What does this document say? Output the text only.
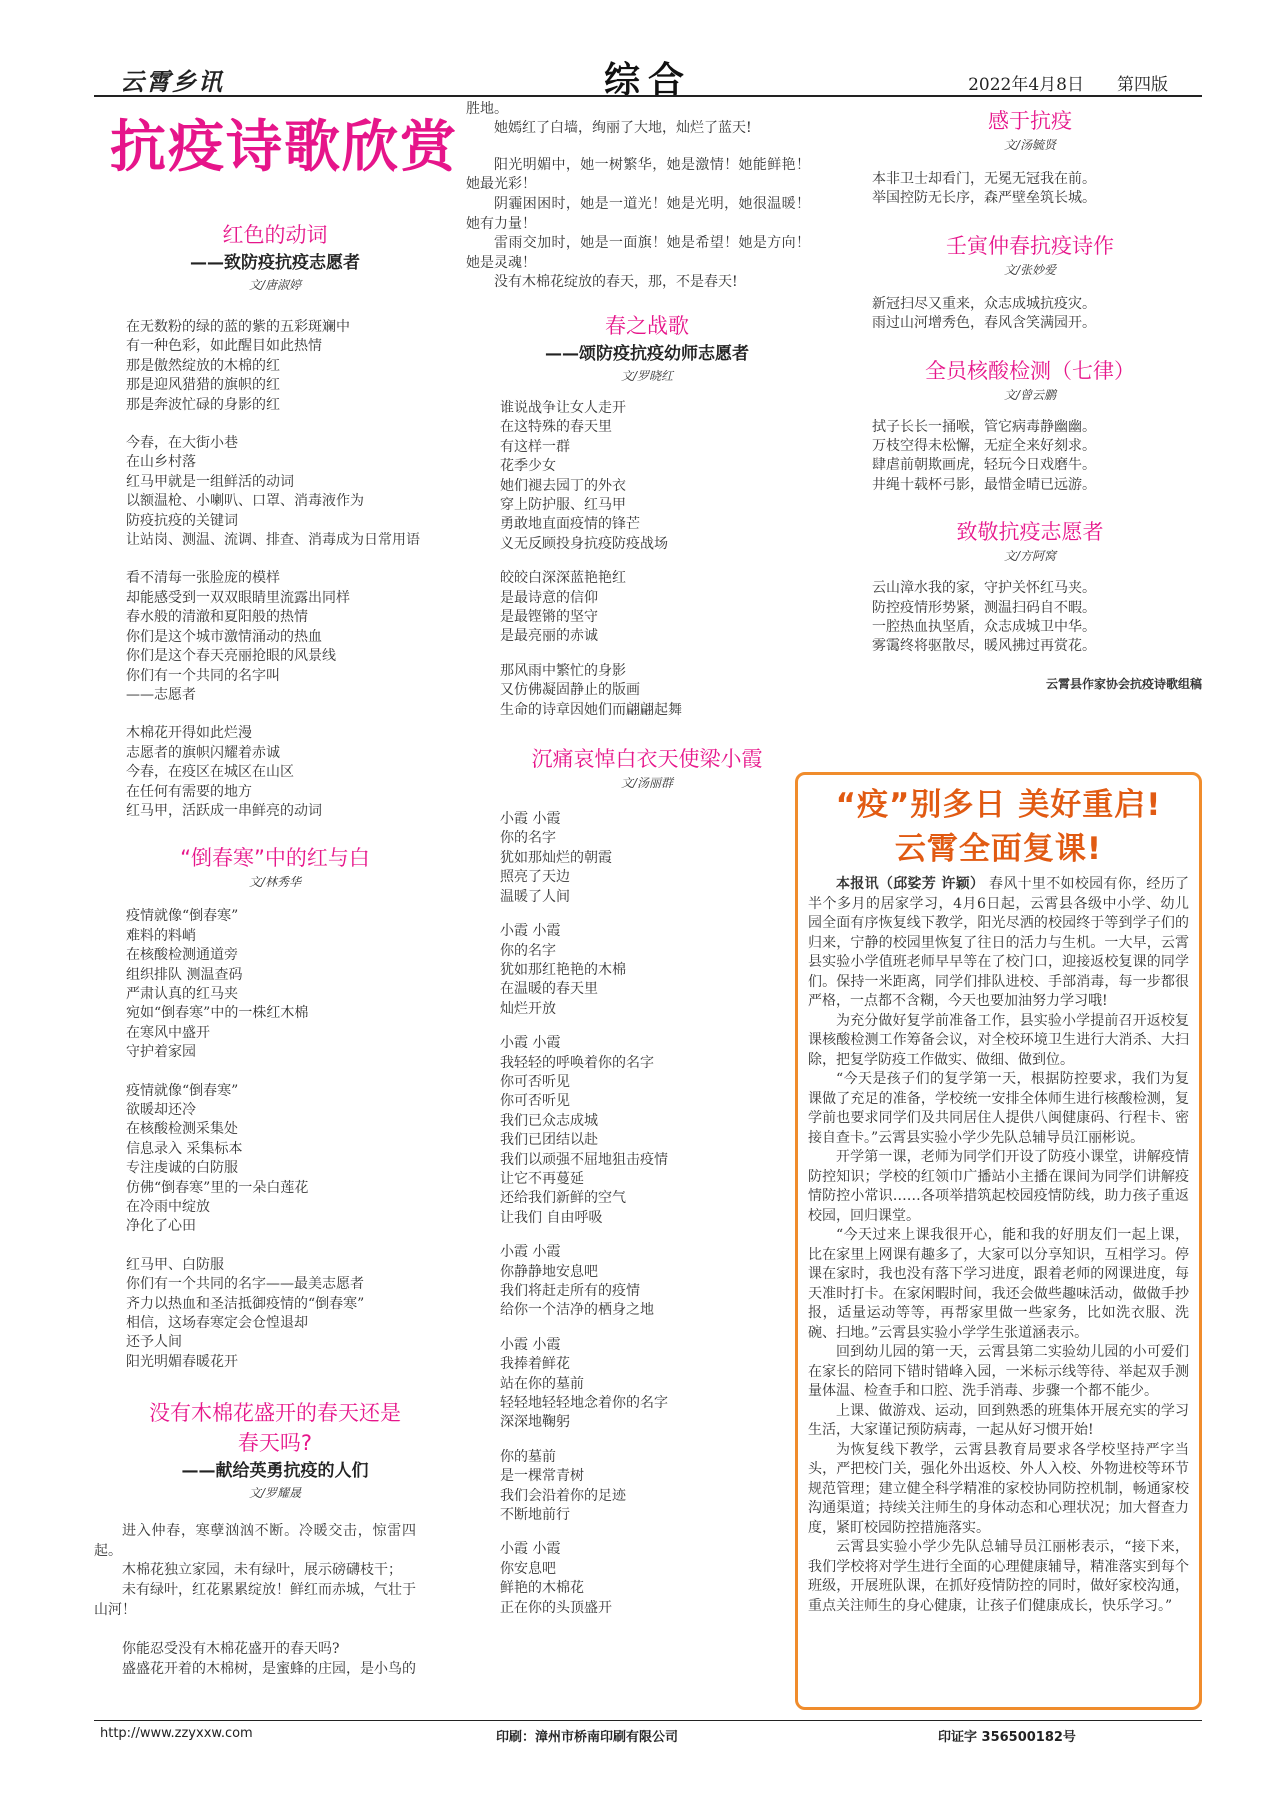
云霄乡讯	综合	2022年4月8日 第四版
抗疫诗歌欣赏
红色的动词
——致防疫抗疫志愿者
文/唐淑婷
在无数粉的绿的蓝的紫的五彩斑斓中
有一种色彩，如此醒目如此热情
那是傲然绽放的木棉的红
那是迎风猎猎的旗帜的红
那是奔波忙碌的身影的红
今春，在大街小巷
在山乡村落
红马甲就是一组鲜活的动词
以额温枪、小喇叭、口罩、消毒液作为
防疫抗疫的关键词
让站岗、测温、流调、排查、消毒成为日常用语
看不清每一张脸庞的模样
却能感受到一双双眼睛里流露出同样
春水般的清澈和夏阳般的热情
你们是这个城市激情涌动的热血
你们是这个春天亮丽抢眼的风景线
你们有一个共同的名字叫
——志愿者
木棉花开得如此烂漫
志愿者的旗帜闪耀着赤诚
今春，在疫区在城区在山区
在任何有需要的地方
红马甲，活跃成一串鲜亮的动词
“倒春寒”中的红与白
文/林秀华
疫情就像“倒春寒”
难料的料峭
在核酸检测通道旁
组织排队 测温查码
严肃认真的红马夹
宛如“倒春寒”中的一株红木棉
在寒风中盛开
守护着家园
疫情就像“倒春寒”
欲暖却还冷
在核酸检测采集处
信息录入 采集标本
专注虔诚的白防服
仿佛“倒春寒”里的一朵白莲花
在冷雨中绽放
净化了心田
红马甲、白防服
你们有一个共同的名字——最美志愿者
齐力以热血和圣洁抵御疫情的“倒春寒”
相信，这场春寒定会仓惶退却
还予人间
阳光明媚春暖花开
没有木棉花盛开的春天还是
春天吗?
——献给英勇抗疫的人们
文/罗耀晟
进入仲春，寒孽汹汹不断。冷暖交击，惊雷四起。
木棉花独立家园，未有绿叶，展示磅礴枝干；
未有绿叶，红花累累绽放！鲜红而赤城，气壮于山河！
你能忍受没有木棉花盛开的春天吗?
盛盛花开着的木棉树，是蜜蜂的庄园，是小鸟的
胜地。
她嫣红了白墙，绚丽了大地，灿烂了蓝天!
阳光明媚中，她一树繁华，她是激情！她能鲜艳！她最光彩！
阴霾困困时，她是一道光！她是光明，她很温暖！她有力量！
雷雨交加时，她是一面旗！她是希望！她是方向！她是灵魂！
没有木棉花绽放的春天，那，不是春天!
春之战歌
——颂防疫抗疫幼师志愿者
文/罗晓红
谁说战争让女人走开
在这特殊的春天里
有这样一群
花季少女
她们褪去园丁的外衣
穿上防护服、红马甲
勇敢地直面疫情的锋芒
义无反顾投身抗疫防疫战场
皎皎白深深蓝艳艳红
是最诗意的信仰
是最铿锵的坚守
是最亮丽的赤诚
那风雨中繁忙的身影
又仿佛凝固静止的版画
生命的诗章因她们而翩翩起舞
沉痛哀悼白衣天使梁小霞
文/汤丽群
小霞 小霞
你的名字
犹如那灿烂的朝霞
照亮了天边
温暖了人间
小霞 小霞
你的名字
犹如那红艳艳的木棉
在温暖的春天里
灿烂开放
小霞 小霞
我轻轻的呼唤着你的名字
你可否听见
你可否听见
我们已众志成城
我们已团结以赴
我们以顽强不屈地狙击疫情
让它不再蔓延
还给我们新鲜的空气
让我们 自由呼吸
小霞 小霞
你静静地安息吧
我们将赶走所有的疫情
给你一个洁净的栖身之地
小霞 小霞
我捧着鲜花
站在你的墓前
轻轻地轻轻地念着你的名字
深深地鞠躬
你的墓前
是一棵常青树
我们会沿着你的足迹
不断地前行
小霞 小霞
你安息吧
鲜艳的木棉花
正在你的头顶盛开
感于抗疫
文/汤毓贤
本非卫士却看门，无冕无冠我在前。
举国控防无长序，森严壁垒筑长城。
壬寅仲春抗疫诗作
文/张妙爱
新冠扫尽又重来，众志成城抗疫灾。
雨过山河增秀色，春风含笑满园开。
全员核酸检测（七律）
文/曾云鹏
拭子长长一捅喉，管它病毒静幽幽。
万枝空得未松懈，无症全来好刻求。
肆虐前朝欺画虎，轻玩今日戏磨牛。
井绳十载杯弓影，最惜金晴已远游。
致敬抗疫志愿者
文/方阿窝
云山漳水我的家，守护关怀红马夹。
防控疫情形势紧，测温扫码自不暇。
一腔热血执坚盾，众志成城卫中华。
雾霭终将驱散尽，暖风拂过再赏花。
云霄县作家协会抗疫诗歌组稿
“疫”别多日 美好重启!
云霄全面复课!

本报讯（邱娑芳 许颖） 春风十里不如校园有你，经历了半个多月的居家学习，4月6日起，云霄县各级中小学、幼儿园全面有序恢复线下教学，阳光尽洒的校园终于等到学子们的归来，宁静的校园里恢复了往日的活力与生机。一大早，云霄县实验小学值班老师早早等在了校门口，迎接返校复课的同学们。保持一米距离，同学们排队进校、手部消毒，每一步都很严格，一点都不含糊，今天也要加油努力学习哦!

为充分做好复学前准备工作，县实验小学提前召开返校复课核酸检测工作筹备会议，对全校环境卫生进行大消杀、大扫除，把复学防疫工作做实、做细、做到位。

“今天是孩子们的复学第一天，根据防控要求，我们为复课做了充足的准备，学校统一安排全体师生进行核酸检测，复学前也要求同学们及共同居住人提供八闽健康码、行程卡、密接自查卡。”云霄县实验小学少先队总辅导员江丽彬说。

开学第一课，老师为同学们开设了防疫小课堂，讲解疫情防控知识；学校的红领巾广播站小主播在课间为同学们讲解疫情防控小常识……各项举措筑起校园疫情防线，助力孩子重返校园，回归课堂。

“今天过来上课我很开心，能和我的好朋友们一起上课，比在家里上网课有趣多了，大家可以分享知识，互相学习。停课在家时，我也没有落下学习进度，跟着老师的网课进度，每天准时打卡。在家闲暇时间，我还会做些趣味活动，做做手抄报，适量运动等等，再帮家里做一些家务，比如洗衣服、洗碗、扫地。”云霄县实验小学学生张道涵表示。

回到幼儿园的第一天，云霄县第二实验幼儿园的小可爱们在家长的陪同下错时错峰入园，一米标示线等待、举起双手测量体温、检查手和口腔、洗手消毒、步骤一个都不能少。

上课、做游戏、运动，回到熟悉的班集体开展充实的学习生活，大家谨记预防病毒，一起从好习惯开始!

为恢复线下教学，云霄县教育局要求各学校坚持严字当头，严把校门关，强化外出返校、外人入校、外物进校等环节规范管理；建立健全科学精准的家校协同防控机制，畅通家校沟通渠道；持续关注师生的身体动态和心理状况；加大督查力度，紧盯校园防控措施落实。

云霄县实验小学少先队总辅导员江丽彬表示，“接下来，我们学校将对学生进行全面的心理健康辅导，精准落实到每个班级，开展班队课，在抓好疫情防控的同时，做好家校沟通，重点关注师生的身心健康，让孩子们健康成长，快乐学习。”

http://www.zzyxxw.com	印刷：漳州市桥南印刷有限公司	印证字 356500182号
